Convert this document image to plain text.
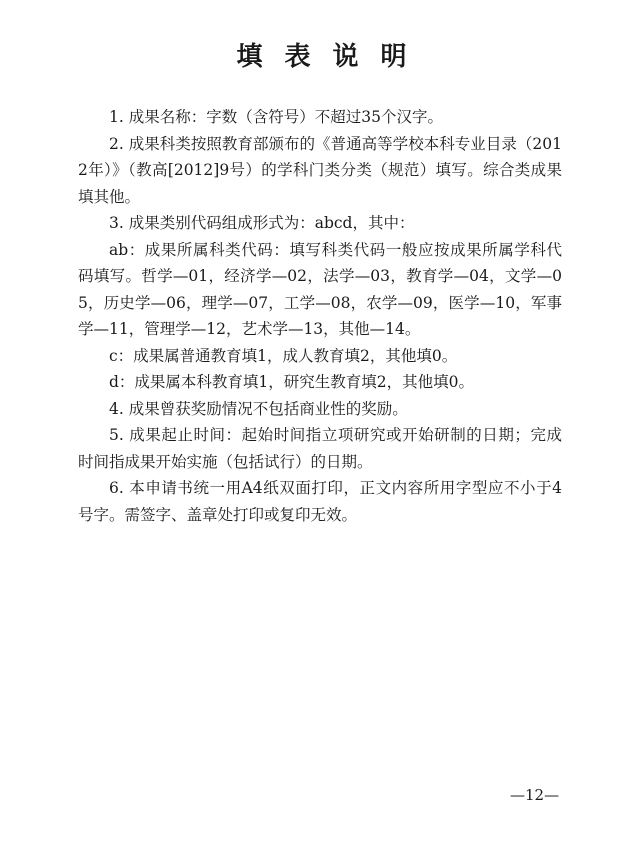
填表说明

1. 成果名称：字数（含符号）不超过35个汉字。

2. 成果科类按照教育部颁布的《普通高等学校本科专业目录（2012年）》（教高[2012]9号）的学科门类分类（规范）填写。综合类成果填其他。

3. 成果类别代码组成形式为：abcd，其中：

ab：成果所属科类代码：填写科类代码一般应按成果所属学科代码填写。哲学—01，经济学—02，法学—03，教育学—04，文学—05，历史学—06，理学—07，工学—08，农学—09，医学—10，军事学—11，管理学—12，艺术学—13，其他—14。

c：成果属普通教育填1，成人教育填2，其他填0。

d：成果属本科教育填1，研究生教育填2，其他填0。

4. 成果曾获奖励情况不包括商业性的奖励。

5. 成果起止时间：起始时间指立项研究或开始研制的日期；完成时间指成果开始实施（包括试行）的日期。

6. 本申请书统一用A4纸双面打印，正文内容所用字型应不小于4号字。需签字、盖章处打印或复印无效。

—12—
